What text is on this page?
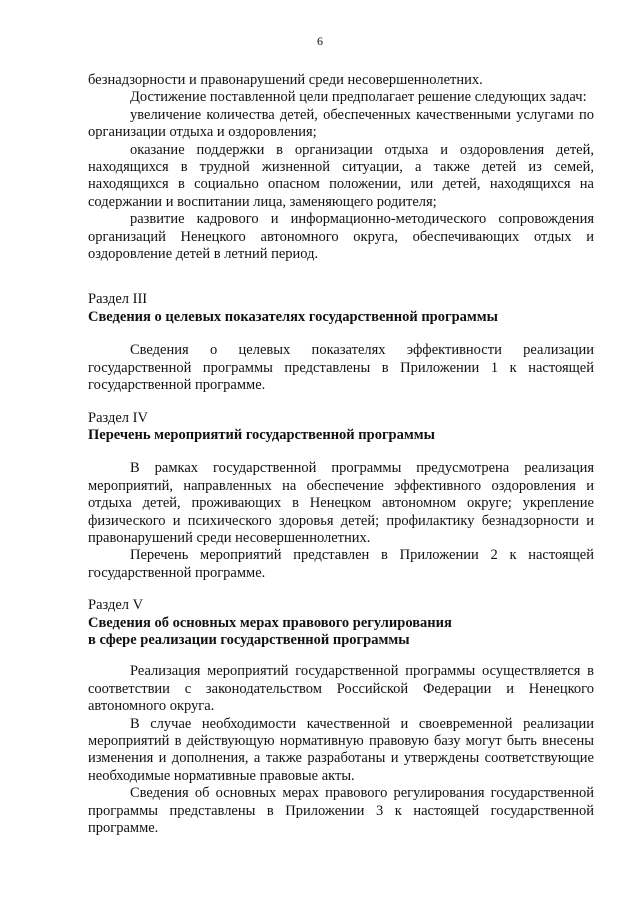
6

безнадзорности и правонарушений среди несовершеннолетних.

Достижение поставленной цели предполагает решение следующих задач:

увеличение количества детей, обеспеченных качественными услугами по организации отдыха и оздоровления;

оказание поддержки в организации отдыха и оздоровления детей, находящихся в трудной жизненной ситуации, а также детей из семей, находящихся в социально опасном положении, или детей, находящихся на содержании и воспитании лица, заменяющего родителя;

развитие кадрового и информационно-методического сопровождения организаций Ненецкого автономного округа, обеспечивающих отдых и оздоровление детей в летний период.

Раздел III

Сведения о целевых показателях государственной программы

Сведения о целевых показателях эффективности реализации государственной программы представлены в Приложении 1 к настоящей государственной программе.

Раздел IV

Перечень мероприятий государственной программы

В рамках государственной программы предусмотрена реализация мероприятий, направленных на обеспечение эффективного оздоровления и отдыха детей, проживающих в Ненецком автономном округе; укрепление физического и психического здоровья детей; профилактику безнадзорности и правонарушений среди несовершеннолетних.

Перечень мероприятий представлен в Приложении 2 к настоящей государственной программе.

Раздел V

Сведения об основных мерах правового регулирования

в сфере реализации государственной программы

Реализация мероприятий государственной программы осуществляется в соответствии с законодательством Российской Федерации и Ненецкого автономного округа.

В случае необходимости качественной и своевременной реализации мероприятий в действующую нормативную правовую базу могут быть внесены изменения и дополнения, а также разработаны и утверждены соответствующие необходимые нормативные правовые акты.

Сведения об основных мерах правового регулирования государственной программы представлены в Приложении 3 к настоящей государственной программе.
